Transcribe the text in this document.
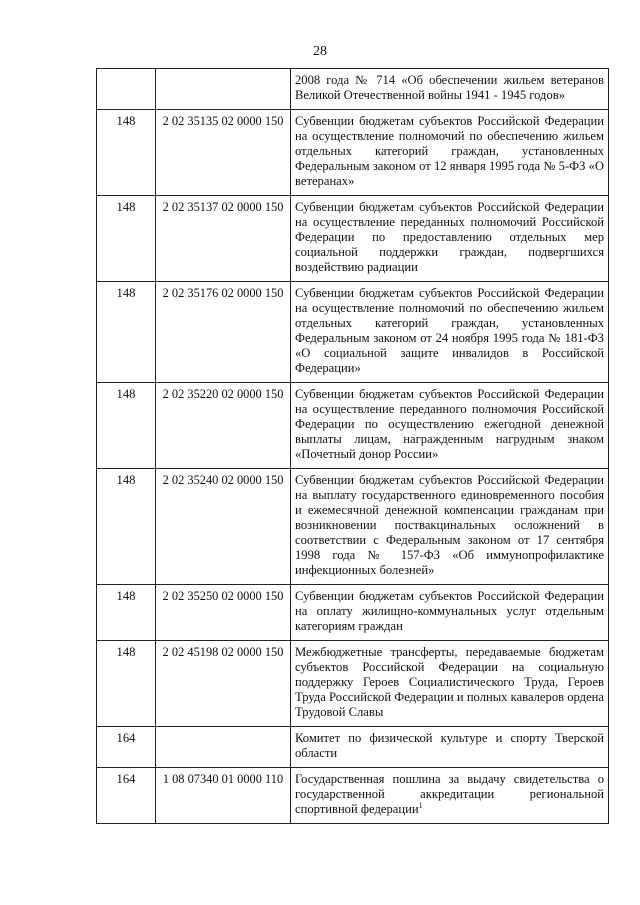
28
		2008 года № 714 «Об обеспечении жильем ветеранов Великой Отечественной войны 1941 - 1945 годов»
148	2 02 35135 02 0000 150	Субвенции бюджетам субъектов Российской Федерации на осуществление полномочий по обеспечению жильем отдельных категорий граждан, установленных Федеральным законом от 12 января 1995 года № 5-ФЗ «О ветеранах»
148	2 02 35137 02 0000 150	Субвенции бюджетам субъектов Российской Федерации на осуществление переданных полномочий Российской Федерации по предоставлению отдельных мер социальной поддержки граждан, подвергшихся воздействию радиации
148	2 02 35176 02 0000 150	Субвенции бюджетам субъектов Российской Федерации на осуществление полномочий по обеспечению жильем отдельных категорий граждан, установленных Федеральным законом от 24 ноября 1995 года № 181-ФЗ «О социальной защите инвалидов в Российской Федерации»
148	2 02 35220 02 0000 150	Субвенции бюджетам субъектов Российской Федерации на осуществление переданного полномочия Российской Федерации по осуществлению ежегодной денежной выплаты лицам, награжденным нагрудным знаком «Почетный донор России»
148	2 02 35240 02 0000 150	Субвенции бюджетам субъектов Российской Федерации на выплату государственного единовременного пособия и ежемесячной денежной компенсации гражданам при возникновении поствакцинальных осложнений в соответствии с Федеральным законом от 17 сентября 1998 года № 157-ФЗ «Об иммунопрофилактике инфекционных болезней»
148	2 02 35250 02 0000 150	Субвенции бюджетам субъектов Российской Федерации на оплату жилищно-коммунальных услуг отдельным категориям граждан
148	2 02 45198 02 0000 150	Межбюджетные трансферты, передаваемые бюджетам субъектов Российской Федерации на социальную поддержку Героев Социалистического Труда, Героев Труда Российской Федерации и полных кавалеров ордена Трудовой Славы
164		Комитет по физической культуре и спорту Тверской области
164	1 08 07340 01 0000 110	Государственная пошлина за выдачу свидетельства о государственной аккредитации региональной спортивной федерации$^1$
